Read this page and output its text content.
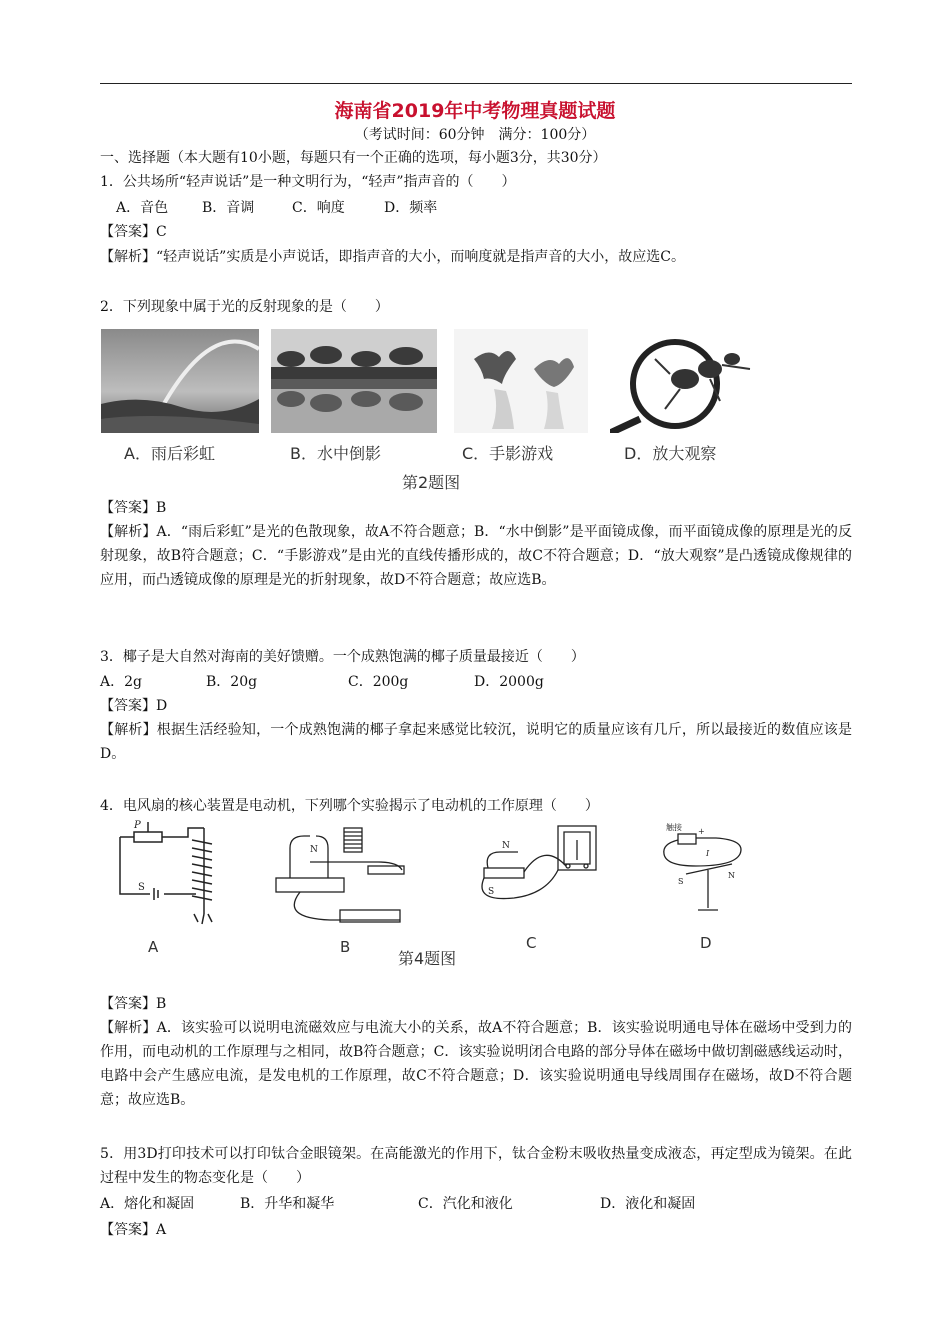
海南省2019年中考物理真题试题
（考试时间：60分钟　满分：100分）
一、选择题（本大题有10小题，每题只有一个正确的选项，每小题3分，共30分）
1．公共场所“轻声说话”是一种文明行为，“轻声”指声音的（　　）
A．音色 B．音调	C．响度	D．频率
【答案】C
【解析】“轻声说话”实质是小声说话，即指声音的大小，而响度就是指声音的大小，故应选C。
2．下列现象中属于光的反射现象的是（　　）
A．雨后彩虹	B．水中倒影	C．手影游戏	D．放大观察
第2题图
【答案】B
【解析】A．“雨后彩虹”是光的色散现象，故A不符合题意；B．“水中倒影”是平面镜成像，而平面镜成像的原理是光的反射现象，故B符合题意；C．“手影游戏”是由光的直线传播形成的，故C不符合题意；D．“放大观察”是凸透镜成像规律的应用，而凸透镜成像的原理是光的折射现象，故D不符合题意；故应选B。
3．椰子是大自然对海南的美好馈赠。一个成熟饱满的椰子质量最接近（　　）
A．2g	B．20g	C．200g	D．2000g
【答案】D
【解析】根据生活经验知，一个成熟饱满的椰子拿起来感觉比较沉，说明它的质量应该有几斤，所以最接近的数值应该是D。
4．电风扇的核心装置是电动机，下列哪个实验揭示了电动机的工作原理（　　）
P
S
N	N
S
触接 +
S
N
I
A	B	C	D
第4题图
【答案】B
【解析】A．该实验可以说明电流磁效应与电流大小的关系，故A不符合题意；B．该实验说明通电导体在磁场中受到力的作用，而电动机的工作原理与之相同，故B符合题意；C．该实验说明闭合电路的部分导体在磁场中做切割磁感线运动时，电路中会产生感应电流，是发电机的工作原理，故C不符合题意；D．该实验说明通电导线周围存在磁场，故D不符合题意；故应选B。
5．用3D打印技术可以打印钛合金眼镜架。在高能激光的作用下，钛合金粉末吸收热量变成液态，再定型成为镜架。在此过程中发生的物态变化是（　　）
A．熔化和凝固	B．升华和凝华	C．汽化和液化	D．液化和凝固
【答案】A
